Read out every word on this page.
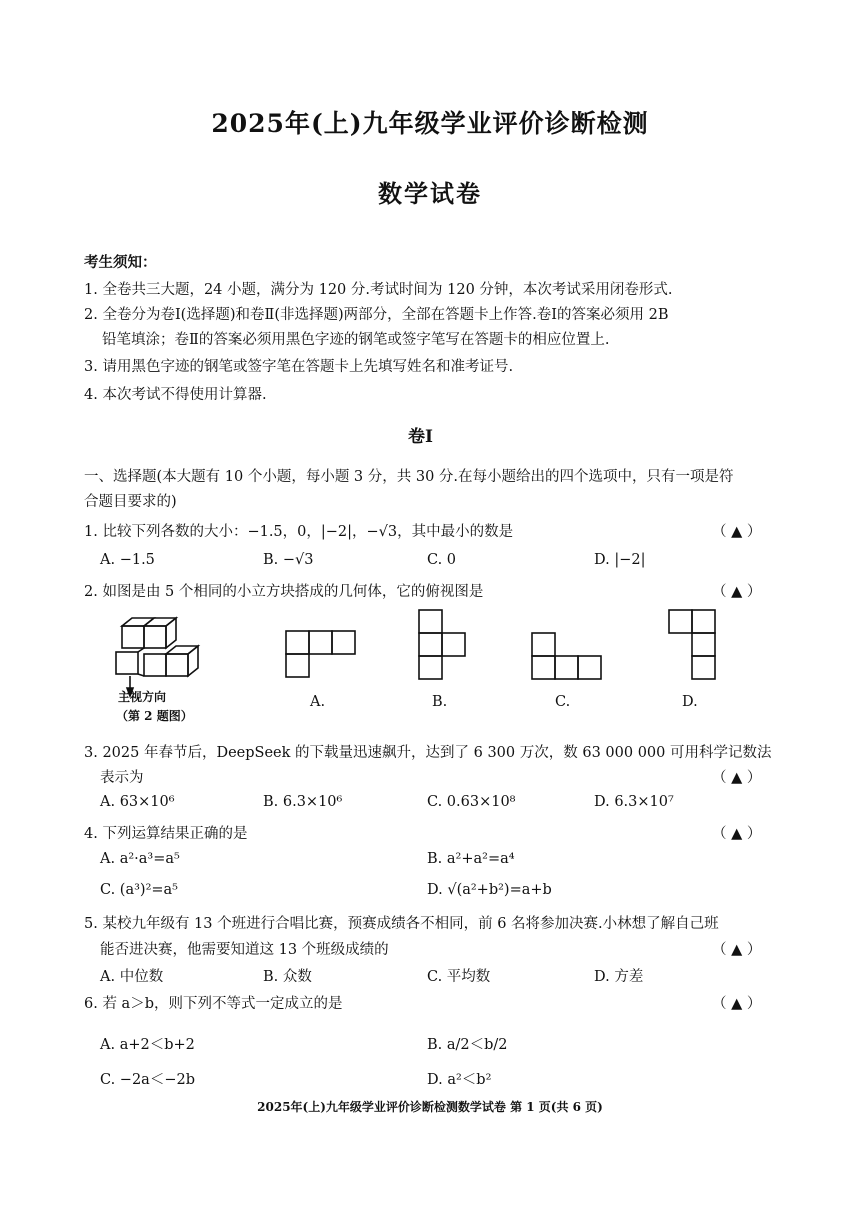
2025年(上)九年级学业评价诊断检测
数学试卷
考生须知：
1. 全卷共三大题，24 小题，满分为 120 分.考试时间为 120 分钟，本次考试采用闭卷形式.
2. 全卷分为卷Ⅰ(选择题)和卷Ⅱ(非选择题)两部分，全部在答题卡上作答.卷Ⅰ的答案必须用 2B
铅笔填涂；卷Ⅱ的答案必须用黑色字迹的钢笔或签字笔写在答题卡的相应位置上.
3. 请用黑色字迹的钢笔或签字笔在答题卡上先填写姓名和准考证号.
4. 本次考试不得使用计算器.
卷Ⅰ
一、选择题(本大题有 10 个小题，每小题 3 分，共 30 分.在每小题给出的四个选项中，只有一项是符
合题目要求的)
1. 比较下列各数的大小：−1.5，0，|−2|，−√3，其中最小的数是	（ ▲ ）
A. −1.5	B. −√3	C. 0	D. |−2|
2. 如图是由 5 个相同的小立方块搭成的几何体，它的俯视图是	（ ▲ ）
主视方向
（第 2 题图）
A.	B.	C.	D.
3. 2025 年春节后，DeepSeek 的下载量迅速飙升，达到了 6 300 万次，数 63 000 000 可用科学记数法
表示为	（ ▲ ）
A. 63×10⁶	B. 6.3×10⁶	C. 0.63×10⁸	D. 6.3×10⁷
4. 下列运算结果正确的是	（ ▲ ）
A. a²·a³=a⁵	B. a²+a²=a⁴
C. (a³)²=a⁵	D. √(a²+b²)=a+b
5. 某校九年级有 13 个班进行合唱比赛，预赛成绩各不相同，前 6 名将参加决赛.小林想了解自己班
能否进决赛，他需要知道这 13 个班级成绩的	（ ▲ ）
A. 中位数	B. 众数	C. 平均数	D. 方差
6. 若 a＞b，则下列不等式一定成立的是	（ ▲ ）
A. a+2＜b+2	B. a/2＜b/2
C. −2a＜−2b	D. a²＜b²
2025年(上)九年级学业评价诊断检测数学试卷 第 1 页(共 6 页)
